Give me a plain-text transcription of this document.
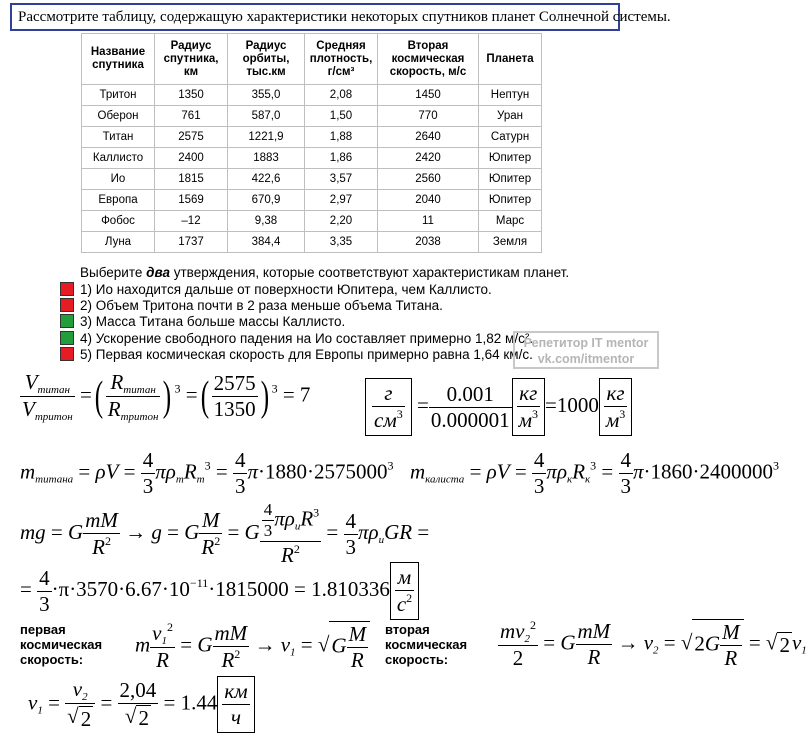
Рассмотрите таблицу, содержащую характеристики некоторых спутников планет Солнечной системы.
Название спутника	Радиус спутника, км	Радиус орбиты, тыс.км	Средняя плотность, г/см³	Вторая космическая скорость, м/с	Планета
Тритон	1350	355,0	2,08	1450	Нептун
Оберон	761	587,0	1,50	770	Уран
Титан	2575	1221,9	1,88	2640	Сатурн
Каллисто	2400	1883	1,86	2420	Юпитер
Ио	1815	422,6	3,57	2560	Юпитер
Европа	1569	670,9	2,97	2040	Юпитер
Фобос	–12	9,38	2,20	11	Марс
Луна	1737	384,4	3,35	2038	Земля
Выберите два утверждения, которые соответствуют характеристикам планет.
1) Ио находится дальше от поверхности Юпитера, чем Каллисто.
2) Объем Тритона почти в 2 раза меньше объема Титана.
3) Масса Титана больше массы Каллисто.
4) Ускорение свободного падения на Ио составляет примерно 1,82 м/с².
5) Первая космическая скорость для Европы примерно равна 1,64 км/с.
Репетитор IT mentor
vk.com/itmentor
$\frac{V_{титан}}{V_{тритон}}$ =( $\frac{R_{титан}}{R_{тритон}}$ ) $^3$ =( $\frac{2575}{1350}$ ) $^3$ = 7	$\frac{г}{см^3} = \frac{0.001}{0.000001} \frac{кг}{м^3} =1000 \frac{кг}{м^3}$
$m_{титана} = \rho V = \frac{4}{3} \pi\rho_тR_т^3 = \frac{4}{3} \pi\cdot 1880\cdot 2575000^3$ $m_{калиста} = \rho V = \frac{4}{3} \pi\rho_кR_к^3 = \frac{4}{3} \pi\cdot 1860\cdot 2400000^3$
mg = G $\frac{mM}{R^2} \to g = G \frac{M}{R^2} = G \frac{\frac{4}{3} \pi\rho_иR^3}{R^2} = \frac{4}{3} \pi\rho_иGR$ =
= $\frac{4}{3} \cdot\pi\cdot 3570\cdot 6.67\cdot 10^{-11}\cdot 1815000 = 1.810336 \frac{м}{с^2}$
первая
космическая
скорость:
m $\frac{v_1^2}{R} = G \frac{mM}{R^2} \to v_1 = √G \frac{M}{R}$ вторая
космическая
скорость:	$\frac{mv_2^2}{2} = G \frac{mM}{R} \to v_2 = √2G \frac{M}{R} = √2v_1$
$v_1 = \frac{v_2}{√2} = \frac{2,04}{√2} = 1.44 \frac{км}{ч}$
